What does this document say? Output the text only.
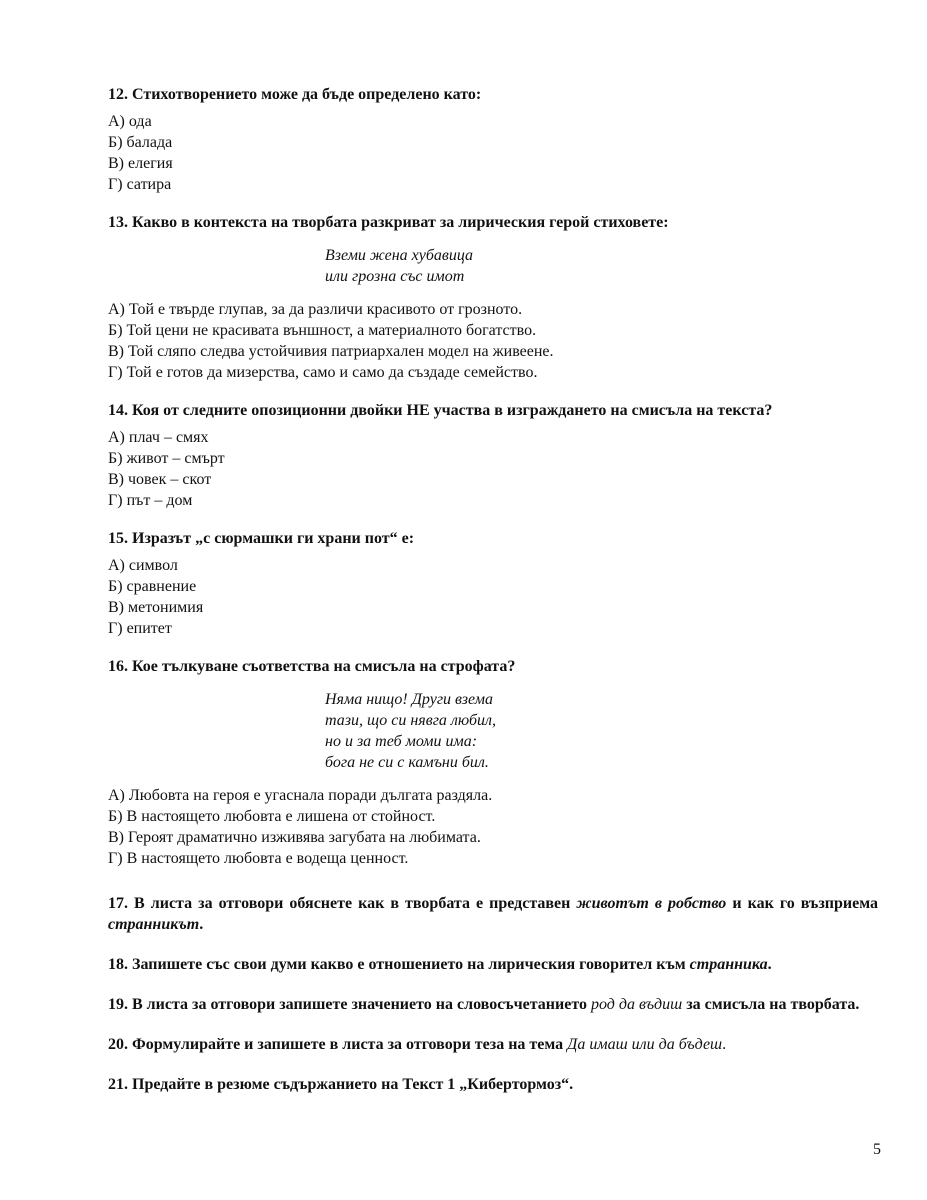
12. Стихотворението може да бъде определено като:

А) ода
Б) балада
В) елегия
Г) сатира

13. Какво в контекста на творбата разкриват за лирическия герой стиховете:

Вземи жена хубавица
или грозна със имот
А) Той е твърде глупав, за да различи красивото от грозното.
Б) Той цени не красивата външност, а материалното богатство.
В) Той сляпо следва устойчивия патриархален модел на живеене.
Г) Той е готов да мизерства, само и само да създаде семейство.

14. Коя от следните опозиционни двойки НЕ участва в изграждането на смисъла на текста?

А) плач – смях
Б) живот – смърт
В) човек – скот
Г) път – дом

15. Изразът „с сюрмашки ги храни пот“ е:

А) символ
Б) сравнение
В) метонимия
Г) епитет

16. Кое тълкуване съответства на смисъла на строфата?

Няма нищо! Други взема
тази, що си нявга любил,
но и за теб моми има:
бога не си с камъни бил.
А) Любовта на героя е угаснала поради дългата раздяла.
Б) В настоящето любовта е лишена от стойност.
В) Героят драматично изживява загубата на любимата.
Г) В настоящето любовта е водеща ценност.

17. В листа за отговори обяснете как в творбата е представен животът в робство и как го възприема странникът.

18. Запишете със свои думи какво е отношението на лирическия говорител към странника.

19. В листа за отговори запишете значението на словосъчетанието род да въдиш за смисъла на творбата.

20. Формулирайте и запишете в листа за отговори теза на тема Да имаш или да бъдеш.

21. Предайте в резюме съдържанието на Текст 1 „Кибертормоз“.

5
